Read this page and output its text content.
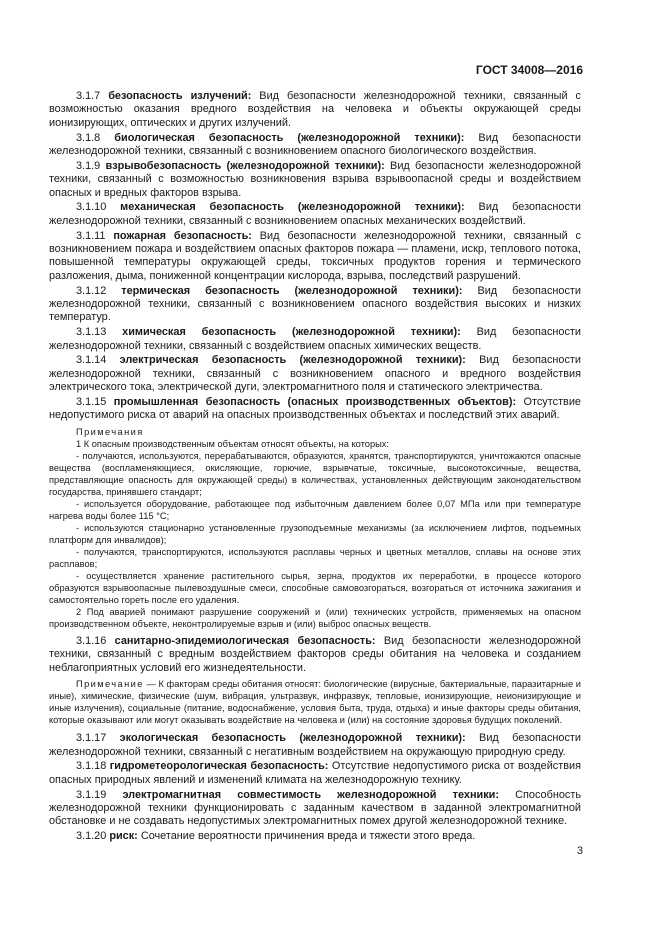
ГОСТ 34008—2016

3.1.7 безопасность излучений: Вид безопасности железнодорожной техники, связанный с возможностью оказания вредного воздействия на человека и объекты окружающей среды ионизирующих, оптических и других излучений.

3.1.8 биологическая безопасность (железнодорожной техники): Вид безопасности железнодорожной техники, связанный с возникновением опасного биологического воздействия.

3.1.9 взрывобезопасность (железнодорожной техники): Вид безопасности железнодорожной техники, связанный с возможностью возникновения взрыва взрывоопасной среды и воздействием опасных и вредных факторов взрыва.

3.1.10 механическая безопасность (железнодорожной техники): Вид безопасности железнодорожной техники, связанный с возникновением опасных механических воздействий.

3.1.11 пожарная безопасность: Вид безопасности железнодорожной техники, связанный с возникновением пожара и воздействием опасных факторов пожара — пламени, искр, теплового потока, повышенной температуры окружающей среды, токсичных продуктов горения и термического разложения, дыма, пониженной концентрации кислорода, взрыва, последствий разрушений.

3.1.12 термическая безопасность (железнодорожной техники): Вид безопасности железнодорожной техники, связанный с возникновением опасного воздействия высоких и низких температур.

3.1.13 химическая безопасность (железнодорожной техники): Вид безопасности железнодорожной техники, связанный с воздействием опасных химических веществ.

3.1.14 электрическая безопасность (железнодорожной техники): Вид безопасности железнодорожной техники, связанный с возникновением опасного и вредного воздействия электрического тока, электрической дуги, электромагнитного поля и статического электричества.

3.1.15 промышленная безопасность (опасных производственных объектов): Отсутствие недопустимого риска от аварий на опасных производственных объектах и последствий этих аварий.

Примечания

1 К опасным производственным объектам относят объекты, на которых:

- получаются, используются, перерабатываются, образуются, хранятся, транспортируются, уничтожаются опасные вещества (воспламеняющиеся, окисляющие, горючие, взрывчатые, токсичные, высокотоксичные, вещества, представляющие опасность для окружающей среды) в количествах, установленных действующим законодательством государства, принявшего стандарт;

- используется оборудование, работающее под избыточным давлением более 0,07 МПа или при температуре нагрева воды более 115 °С;

- используются стационарно установленные грузоподъемные механизмы (за исключением лифтов, подъемных платформ для инвалидов);

- получаются, транспортируются, используются расплавы черных и цветных металлов, сплавы на основе этих расплавов;

- осуществляется хранение растительного сырья, зерна, продуктов их переработки, в процессе которого образуются взрывоопасные пылевоздушные смеси, способные самовозгораться, возгораться от источника зажигания и самостоятельно гореть после его удаления.

2 Под аварией понимают разрушение сооружений и (или) технических устройств, применяемых на опасном производственном объекте, неконтролируемые взрыв и (или) выброс опасных веществ.

3.1.16 санитарно-эпидемиологическая безопасность: Вид безопасности железнодорожной техники, связанный с вредным воздействием факторов среды обитания на человека и созданием неблагоприятных условий его жизнедеятельности.

Примечание — К факторам среды обитания относят: биологические (вирусные, бактериальные, паразитарные и иные), химические, физические (шум, вибрация, ультразвук, инфразвук, тепловые, ионизирующие, неионизирующие и иные излучения), социальные (питание, водоснабжение, условия быта, труда, отдыха) и иные факторы среды обитания, которые оказывают или могут оказывать воздействие на человека и (или) на состояние здоровья будущих поколений.

3.1.17 экологическая безопасность (железнодорожной техники): Вид безопасности железнодорожной техники, связанный с негативным воздействием на окружающую природную среду.

3.1.18 гидрометеорологическая безопасность: Отсутствие недопустимого риска от воздействия опасных природных явлений и изменений климата на железнодорожную технику.

3.1.19 электромагнитная совместимость железнодорожной техники: Способность железнодорожной техники функционировать с заданным качеством в заданной электромагнитной обстановке и не создавать недопустимых электромагнитных помех другой железнодорожной технике.

3.1.20 риск: Сочетание вероятности причинения вреда и тяжести этого вреда.

3
